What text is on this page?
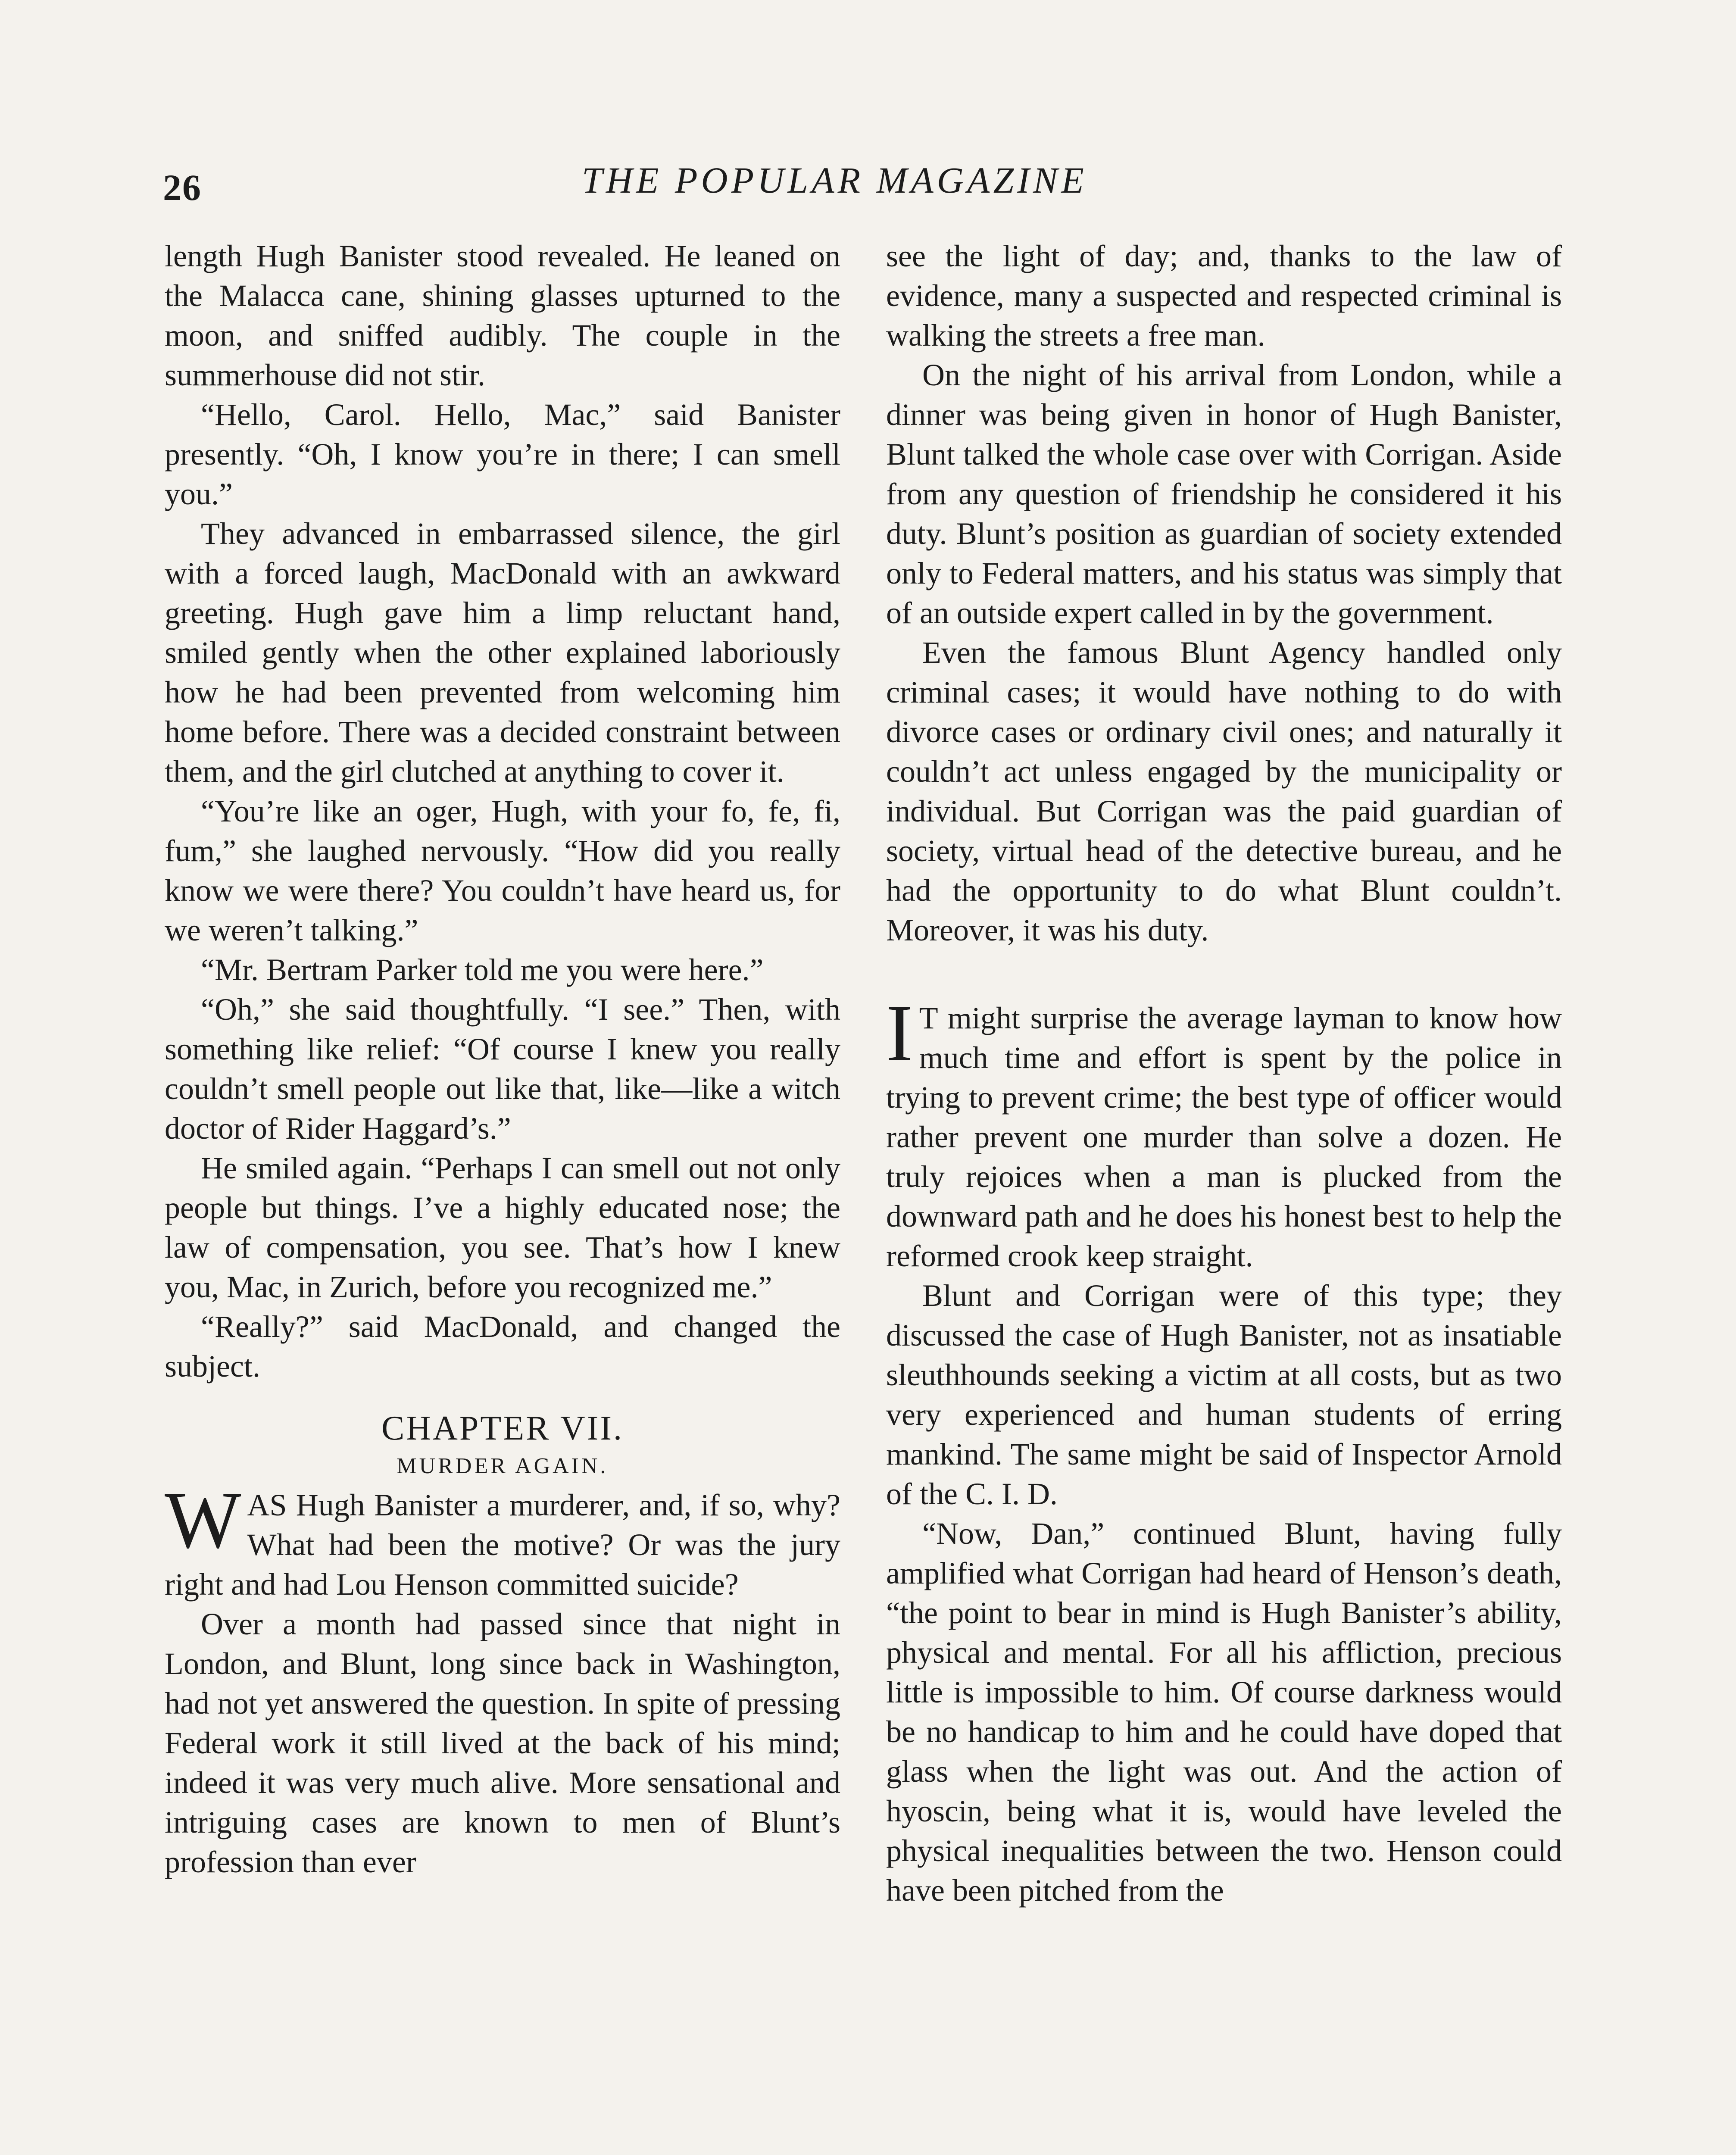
26	THE POPULAR MAGAZINE

length Hugh Banister stood revealed. He leaned on the Malacca cane, shining glasses upturned to the moon, and sniffed audibly. The couple in the summerhouse did not stir.

“Hello, Carol. Hello, Mac,” said Banister presently. “Oh, I know you’re in there; I can smell you.”

They advanced in embarrassed silence, the girl with a forced laugh, MacDonald with an awkward greeting. Hugh gave him a limp reluctant hand, smiled gently when the other explained laboriously how he had been prevented from welcoming him home before. There was a decided constraint between them, and the girl clutched at anything to cover it.

“You’re like an oger, Hugh, with your fo, fe, fi, fum,” she laughed nervously. “How did you really know we were there? You couldn’t have heard us, for we weren’t talking.”

“Mr. Bertram Parker told me you were here.”

“Oh,” she said thoughtfully. “I see.” Then, with something like relief: “Of course I knew you really couldn’t smell people out like that, like—like a witch doctor of Rider Haggard’s.”

He smiled again. “Perhaps I can smell out not only people but things. I’ve a highly educated nose; the law of compensation, you see. That’s how I knew you, Mac, in Zurich, before you recognized me.”

“Really?” said MacDonald, and changed the subject.

CHAPTER VII.
MURDER AGAIN.

WAS Hugh Banister a murderer, and, if so, why? What had been the motive? Or was the jury right and had Lou Henson committed suicide?

Over a month had passed since that night in London, and Blunt, long since back in Washington, had not yet answered the question. In spite of pressing Federal work it still lived at the back of his mind; indeed it was very much alive. More sensational and intriguing cases are known to men of Blunt’s profession than ever

see the light of day; and, thanks to the law of evidence, many a suspected and respected criminal is walking the streets a free man.

On the night of his arrival from London, while a dinner was being given in honor of Hugh Banister, Blunt talked the whole case over with Corrigan. Aside from any question of friendship he considered it his duty. Blunt’s position as guardian of society extended only to Federal matters, and his status was simply that of an outside expert called in by the government.

Even the famous Blunt Agency handled only criminal cases; it would have nothing to do with divorce cases or ordinary civil ones; and naturally it couldn’t act unless engaged by the municipality or individual. But Corrigan was the paid guardian of society, virtual head of the detective bureau, and he had the opportunity to do what Blunt couldn’t. Moreover, it was his duty.

I T might surprise the average layman to know how much time and effort is spent by the police in trying to prevent crime; the best type of officer would rather prevent one murder than solve a dozen. He truly rejoices when a man is plucked from the downward path and he does his honest best to help the reformed crook keep straight.

Blunt and Corrigan were of this type; they discussed the case of Hugh Banister, not as insatiable sleuthhounds seeking a victim at all costs, but as two very experienced and human students of erring mankind. The same might be said of Inspector Arnold of the C. I. D.

“Now, Dan,” continued Blunt, having fully amplified what Corrigan had heard of Henson’s death, “the point to bear in mind is Hugh Banister’s ability, physical and mental. For all his affliction, precious little is impossible to him. Of course darkness would be no handicap to him and he could have doped that glass when the light was out. And the action of hyoscin, being what it is, would have leveled the physical inequalities between the two. Henson could have been pitched from the
